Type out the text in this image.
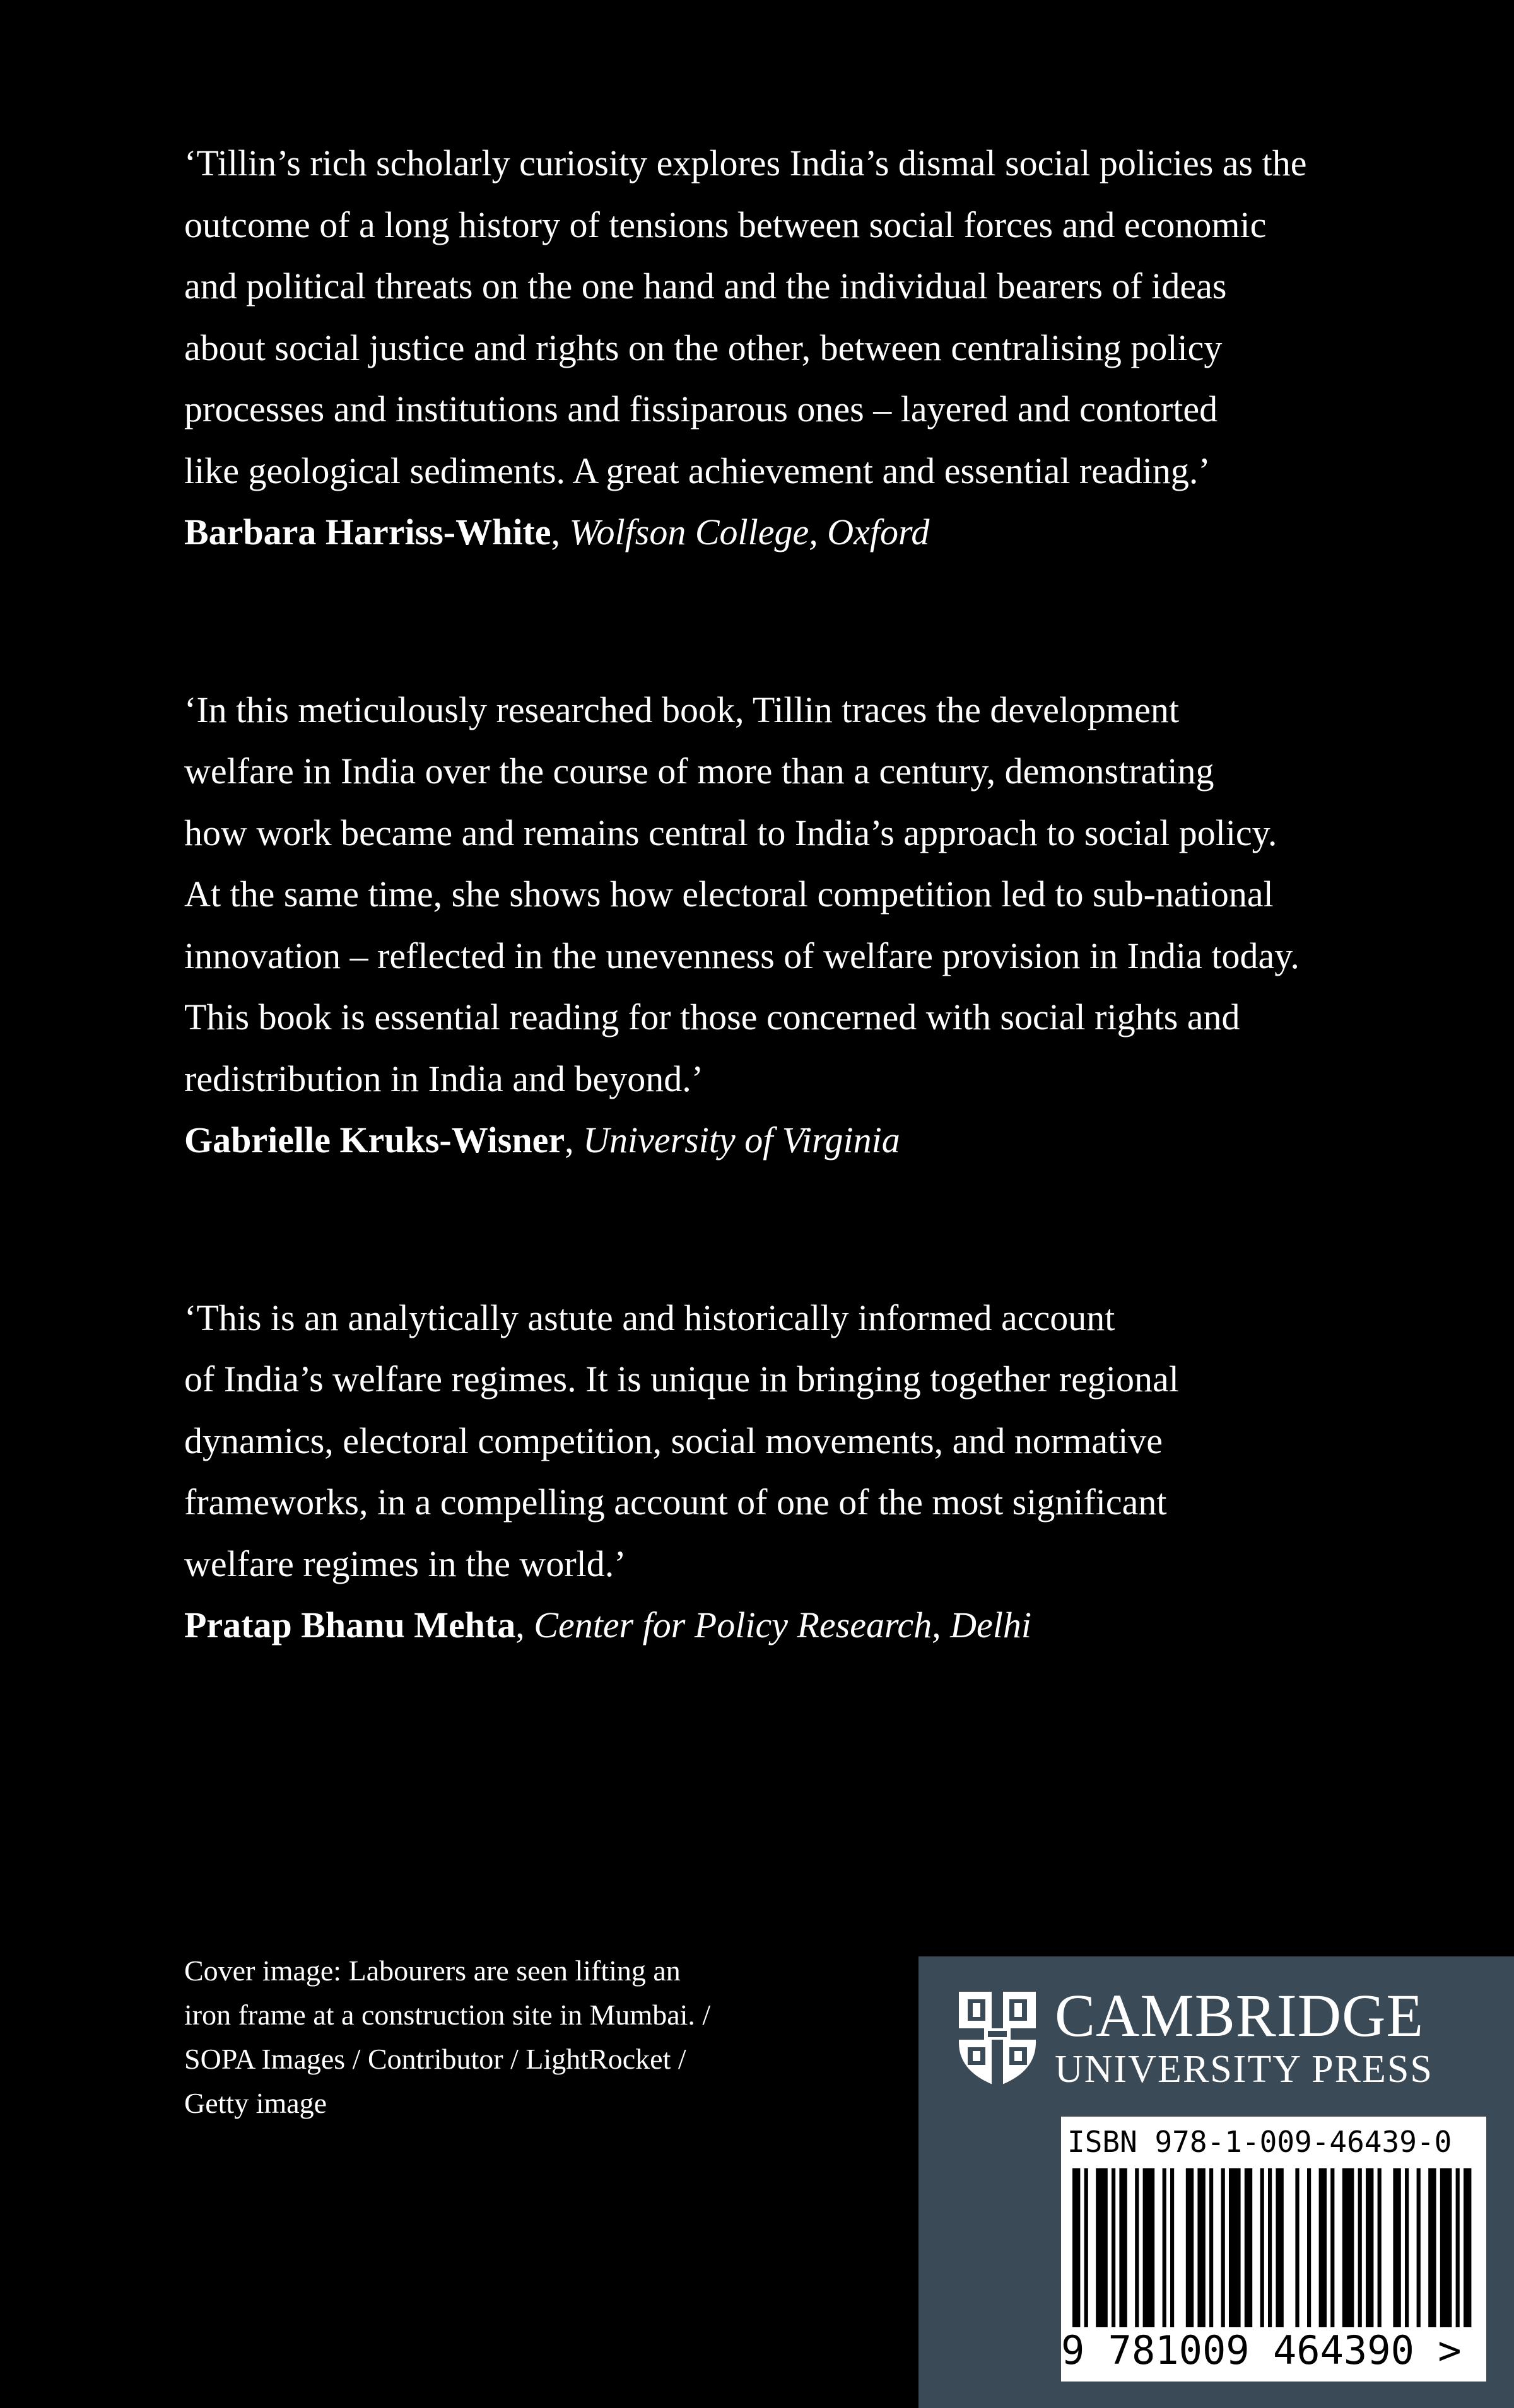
‘Tillin’s rich scholarly curiosity explores India’s dismal social policies as the
outcome of a long history of tensions between social forces and economic
and political threats on the one hand and the individual bearers of ideas
about social justice and rights on the other, between centralising policy
processes and institutions and fissiparous ones – layered and contorted
like geological sediments. A great achievement and essential reading.’

Barbara Harriss-White, Wolfson College, Oxford

‘In this meticulously researched book, Tillin traces the development
welfare in India over the course of more than a century, demonstrating
how work became and remains central to India’s approach to social policy.
At the same time, she shows how electoral competition led to sub-national
innovation – reflected in the unevenness of welfare provision in India today.
This book is essential reading for those concerned with social rights and
redistribution in India and beyond.’

Gabrielle Kruks-Wisner, University of Virginia

‘This is an analytically astute and historically informed account
of India’s welfare regimes. It is unique in bringing together regional
dynamics, electoral competition, social movements, and normative
frameworks, in a compelling account of one of the most significant
welfare regimes in the world.’

Pratap Bhanu Mehta, Center for Policy Research, Delhi

Cover image: Labourers are seen lifting an
iron frame at a construction site in Mumbai. /
SOPA Images / Contributor / LightRocket /
Getty image

CAMBRIDGE
UNIVERSITY PRESS
ISBN 978-1-009-46439-0
9 781009 464390 >
